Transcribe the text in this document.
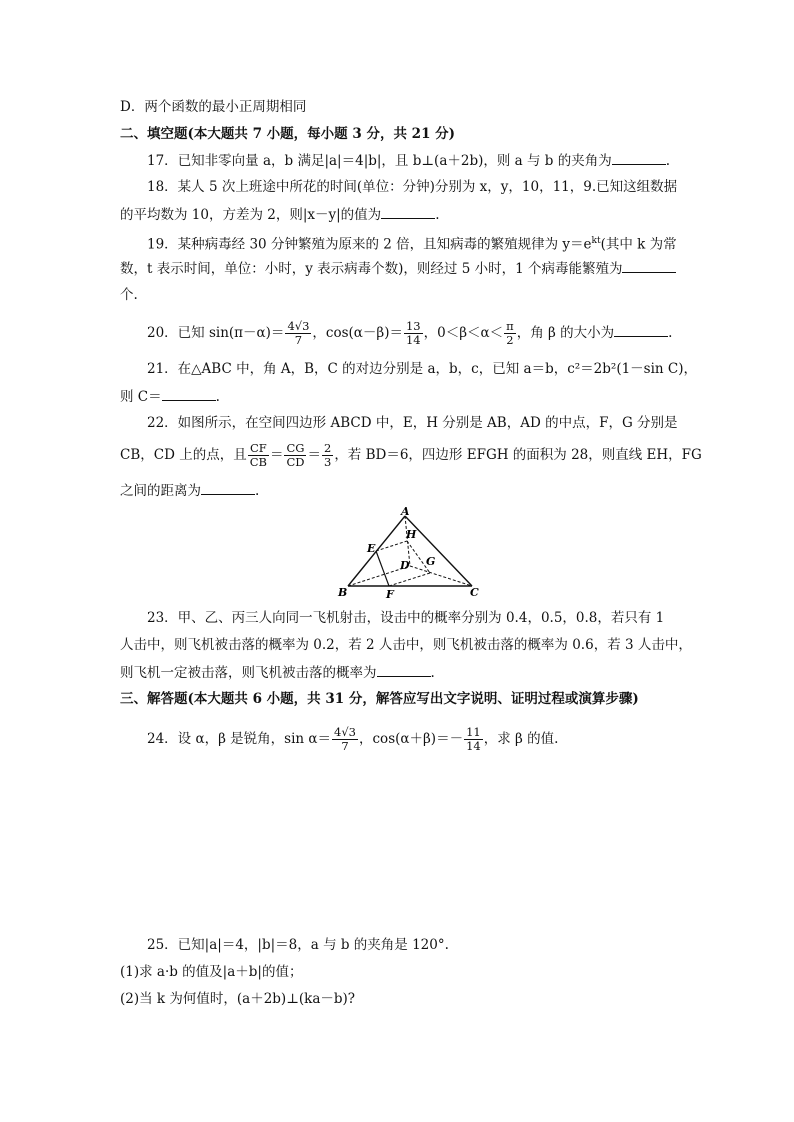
D．两个函数的最小正周期相同
二、填空题(本大题共 7 小题，每小题 3 分，共 21 分)
17．已知非零向量 a，b 满足|a|＝4|b|，且 b⊥(a＋2b)，则 a 与 b 的夹角为	.
18．某人 5 次上班途中所花的时间(单位：分钟)分别为 x，y，10，11，9.已知这组数据
的平均数为 10，方差为 2，则|x－y|的值为	.
19．某种病毒经 30 分钟繁殖为原来的 2 倍，且知病毒的繁殖规律为 $y=e^{kt}$(其中 k 为常
数，t 表示时间，单位：小时，y 表示病毒个数)，则经过 5 小时，1 个病毒能繁殖为
个.
20．已知 $\sin(\pi-\alpha)= \frac{4√3}{7}$ ，$\cos(\alpha-\beta)= \frac{13}{14}$ ，$0<\beta<\alpha< \frac{\pi}{2}$ ，角 β 的大小为	.
21．在△ABC 中，角 A，B，C 的对边分别是 a，b，c，已知 a＝b，c²＝2b²(1－sin C)，
则 C＝	.
22．如图所示，在空间四边形 ABCD 中，E，H 分别是 AB，AD 的中点，F，G 分别是
CB，CD 上的点，且 $\frac{CF}{CB} = \frac{CG}{CD} = \frac{2}{3}$ ，若 BD＝6，四边形 EFGH 的面积为 28，则直线 EH，FG
之间的距离为	.
A
B	C
D
E
F
G
H
23．甲、乙、丙三人向同一飞机射击，设击中的概率分别为 0.4，0.5，0.8，若只有 1
人击中，则飞机被击落的概率为 0.2，若 2 人击中，则飞机被击落的概率为 0.6，若 3 人击中，
则飞机一定被击落，则飞机被击落的概率为	.
三、解答题(本大题共 6 小题，共 31 分，解答应写出文字说明、证明过程或演算步骤)
24．设 α，β 是锐角，$\sin \alpha= \frac{4√3}{7}$ ，$\cos(\alpha+\beta)=- \frac{11}{14}$ ，求 β 的值.
25．已知|a|＝4，|b|＝8，a 与 b 的夹角是 120°.
(1)求 a·b 的值及|a＋b|的值；
(2)当 k 为何值时，(a＋2b)⊥(ka－b)?
